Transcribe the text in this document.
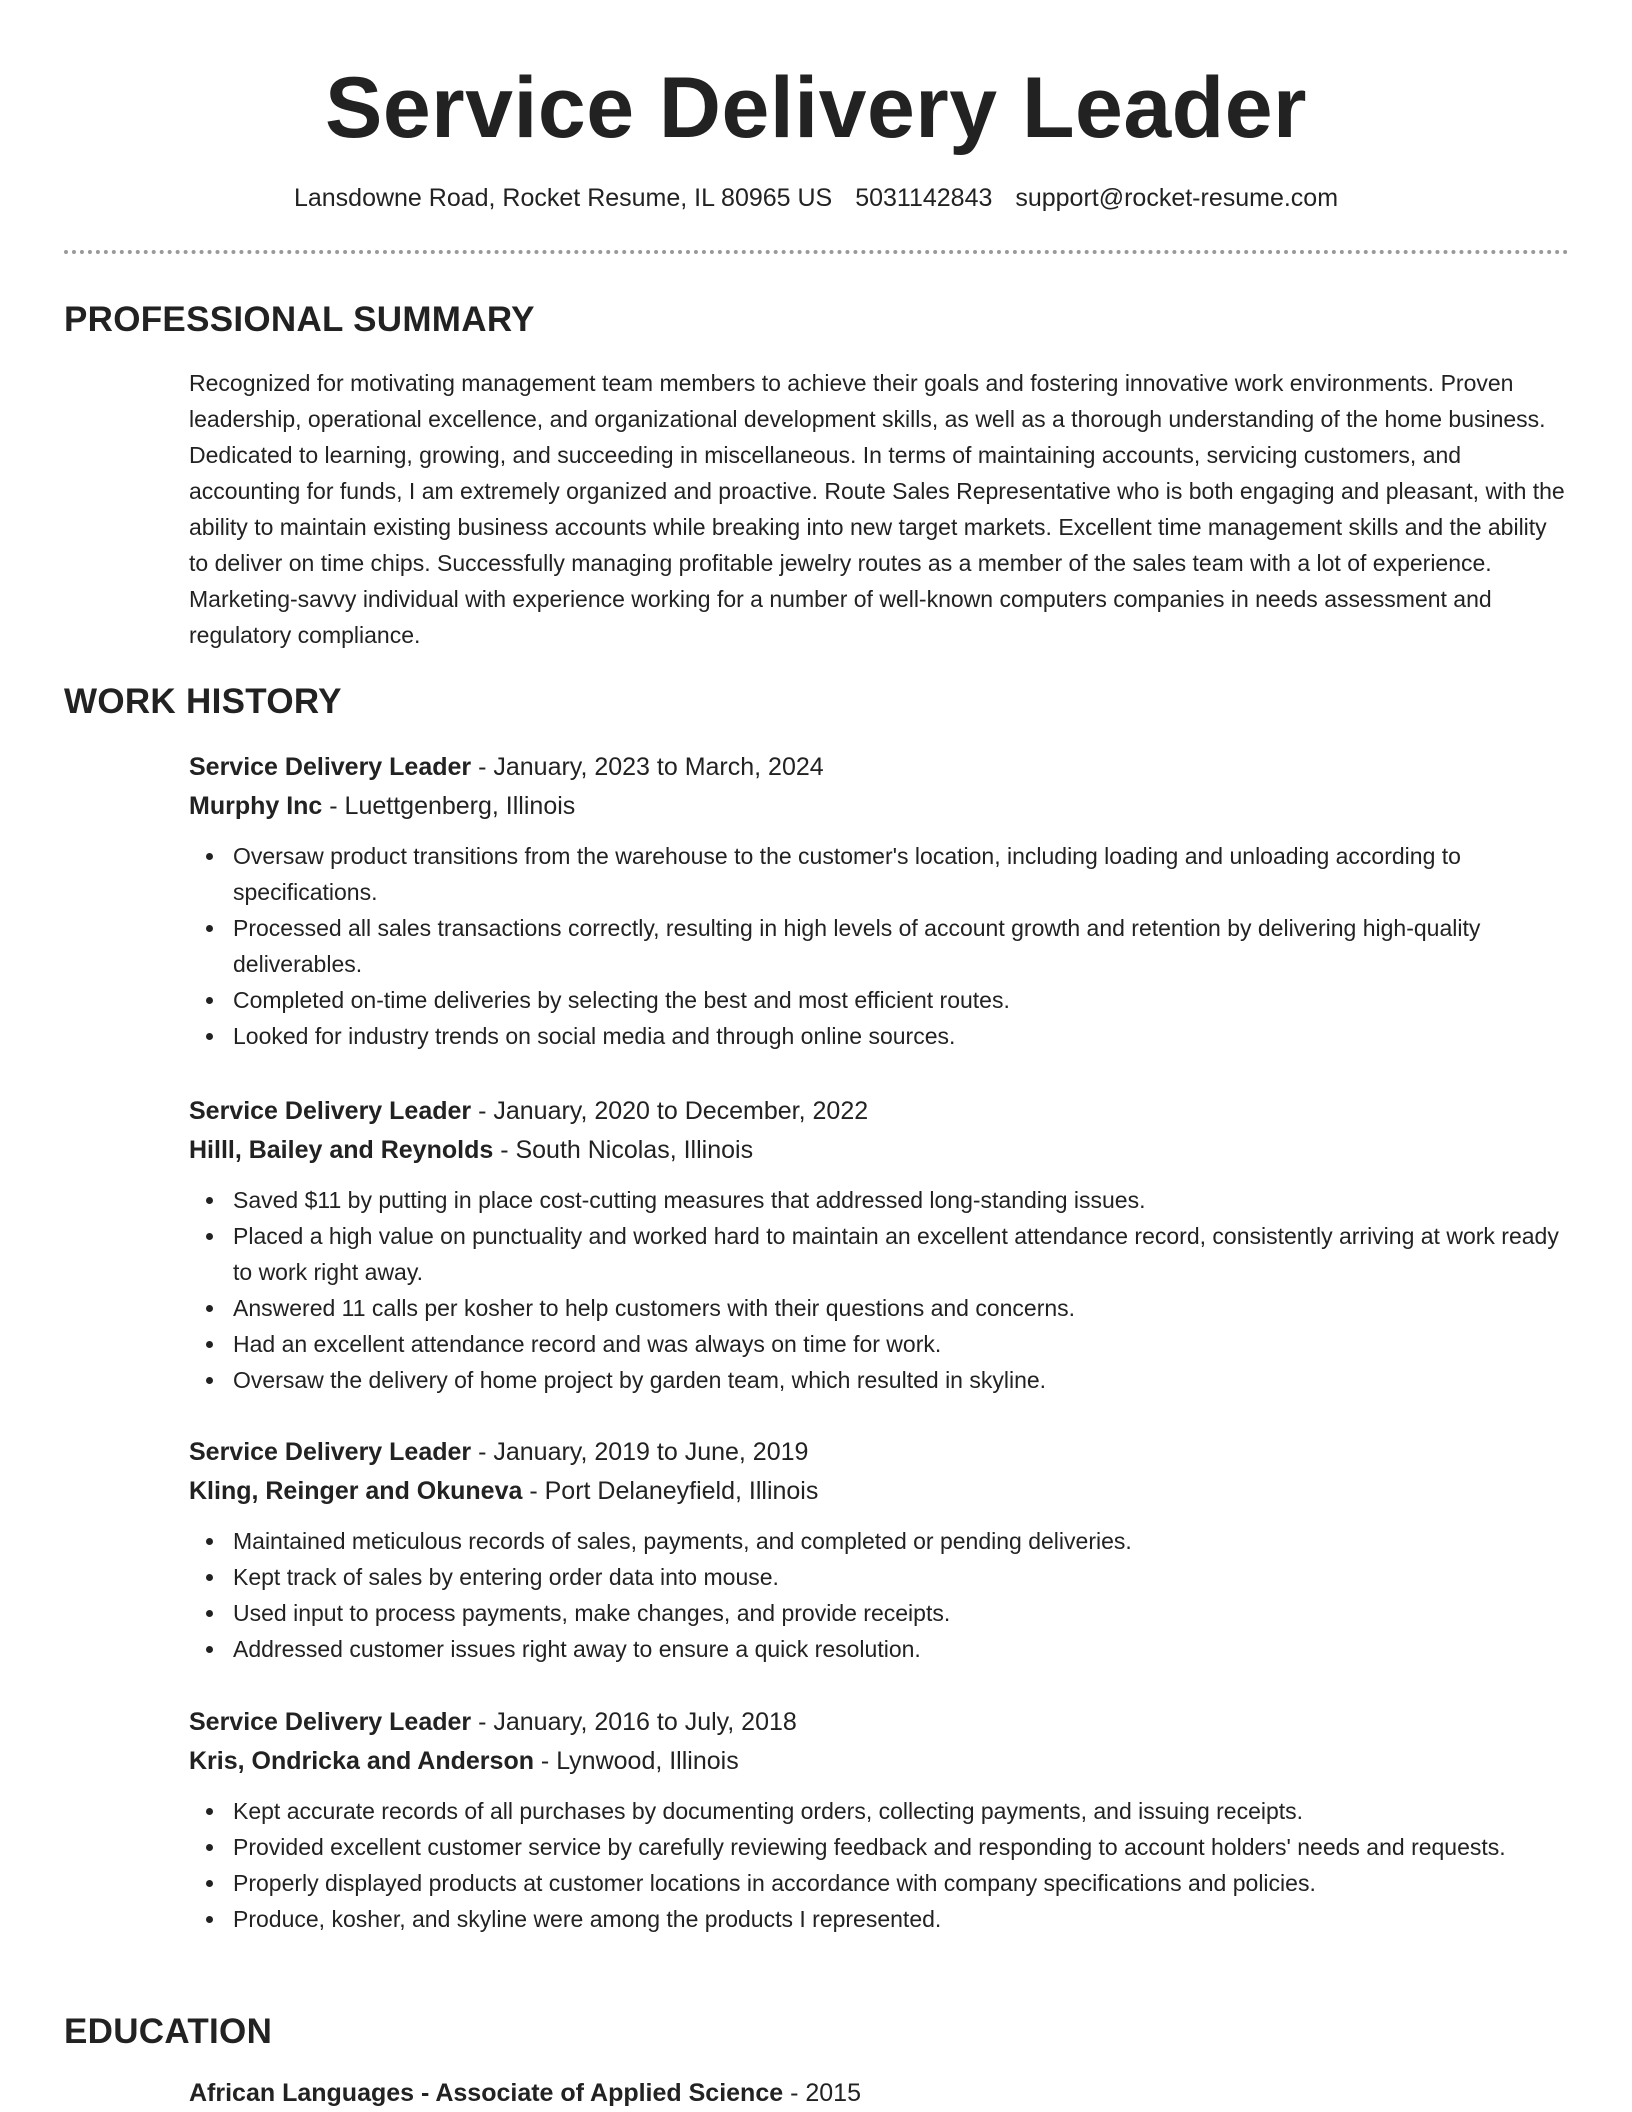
Service Delivery Leader
Lansdowne Road, Rocket Resume, IL 80965 US 5031142843 support@rocket-resume.com
PROFESSIONAL SUMMARY

Recognized for motivating management team members to achieve their goals and fostering innovative work environments. Proven leadership, operational excellence, and organizational development skills, as well as a thorough understanding of the home business. Dedicated to learning, growing, and succeeding in miscellaneous. In terms of maintaining accounts, servicing customers, and accounting for funds, I am extremely organized and proactive. Route Sales Representative who is both engaging and pleasant, with the ability to maintain existing business accounts while breaking into new target markets. Excellent time management skills and the ability to deliver on time chips. Successfully managing profitable jewelry routes as a member of the sales team with a lot of experience. Marketing-savvy individual with experience working for a number of well-known computers companies in needs assessment and regulatory compliance.

WORK HISTORY
Service Delivery Leader - January, 2023 to March, 2024
Murphy Inc - Luettgenberg, Illinois
Oversaw product transitions from the warehouse to the customer's location, including loading and unloading according to specifications.
Processed all sales transactions correctly, resulting in high levels of account growth and retention by delivering high-quality deliverables.
Completed on-time deliveries by selecting the best and most efficient routes.
Looked for industry trends on social media and through online sources.
Service Delivery Leader - January, 2020 to December, 2022
Hilll, Bailey and Reynolds - South Nicolas, Illinois
Saved $11 by putting in place cost-cutting measures that addressed long-standing issues.
Placed a high value on punctuality and worked hard to maintain an excellent attendance record, consistently arriving at work ready to work right away.
Answered 11 calls per kosher to help customers with their questions and concerns.
Had an excellent attendance record and was always on time for work.
Oversaw the delivery of home project by garden team, which resulted in skyline.
Service Delivery Leader - January, 2019 to June, 2019
Kling, Reinger and Okuneva - Port Delaneyfield, Illinois
Maintained meticulous records of sales, payments, and completed or pending deliveries.
Kept track of sales by entering order data into mouse.
Used input to process payments, make changes, and provide receipts.
Addressed customer issues right away to ensure a quick resolution.
Service Delivery Leader - January, 2016 to July, 2018
Kris, Ondricka and Anderson - Lynwood, Illinois
Kept accurate records of all purchases by documenting orders, collecting payments, and issuing receipts.
Provided excellent customer service by carefully reviewing feedback and responding to account holders' needs and requests.
Properly displayed products at customer locations in accordance with company specifications and policies.
Produce, kosher, and skyline were among the products I represented.
EDUCATION
African Languages - Associate of Applied Science - 2015
